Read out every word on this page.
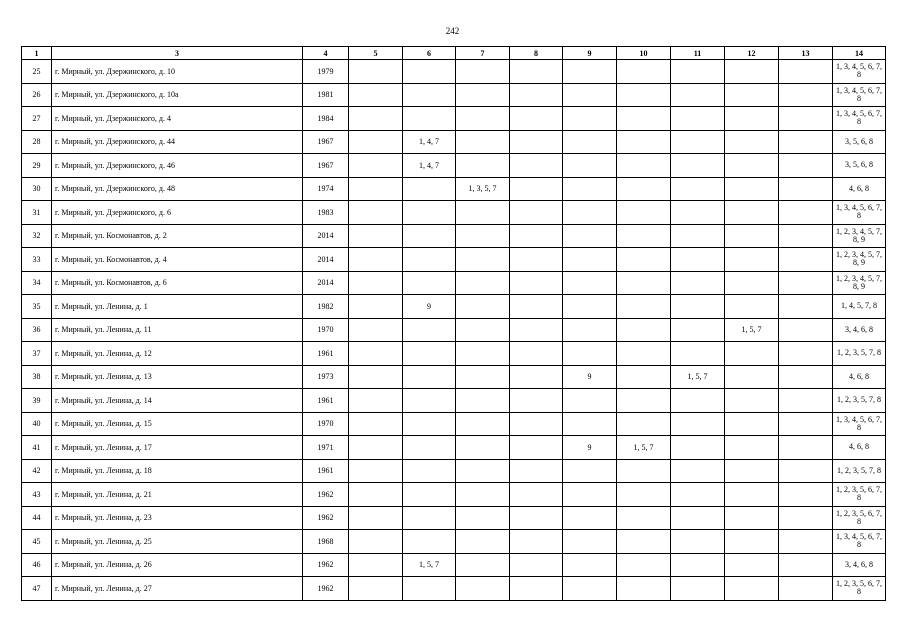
242
1	3	4	5	6	7	8	9	10	11	12	13	14
25	г. Мирный, ул. Дзержинского, д. 10	1979										1, 3, 4, 5, 6, 7, 8
26	г. Мирный, ул. Дзержинского, д. 10а	1981										1, 3, 4, 5, 6, 7, 8
27	г. Мирный, ул. Дзержинского, д. 4	1984										1, 3, 4, 5, 6, 7, 8
28	г. Мирный, ул. Дзержинского, д. 44	1967		1, 4, 7								3, 5, 6, 8
29	г. Мирный, ул. Дзержинского, д. 46	1967		1, 4, 7								3, 5, 6, 8
30	г. Мирный, ул. Дзержинского, д. 48	1974			1, 3, 5, 7							4, 6, 8
31	г. Мирный, ул. Дзержинского, д. 6	1983										1, 3, 4, 5, 6, 7, 8
32	г. Мирный, ул. Космонавтов, д. 2	2014										1, 2, 3, 4, 5, 7, 8, 9
33	г. Мирный, ул. Космонавтов, д. 4	2014										1, 2, 3, 4, 5, 7, 8, 9
34	г. Мирный, ул. Космонавтов, д. 6	2014										1, 2, 3, 4, 5, 7, 8, 9
35	г. Мирный, ул. Ленина, д. 1	1982		9								1, 4, 5, 7, 8
36	г. Мирный, ул. Ленина, д. 11	1970								1, 5, 7		3, 4, 6, 8
37	г. Мирный, ул. Ленина, д. 12	1961										1, 2, 3, 5, 7, 8
38	г. Мирный, ул. Ленина, д. 13	1973					9		1, 5, 7			4, 6, 8
39	г. Мирный, ул. Ленина, д. 14	1961										1, 2, 3, 5, 7, 8
40	г. Мирный, ул. Ленина, д. 15	1970										1, 3, 4, 5, 6, 7, 8
41	г. Мирный, ул. Ленина, д. 17	1971					9	1, 5, 7				4, 6, 8
42	г. Мирный, ул. Ленина, д. 18	1961										1, 2, 3, 5, 7, 8
43	г. Мирный, ул. Ленина, д. 21	1962										1, 2, 3, 5, 6, 7, 8
44	г. Мирный, ул. Ленина, д. 23	1962										1, 2, 3, 5, 6, 7, 8
45	г. Мирный, ул. Ленина, д. 25	1968										1, 3, 4, 5, 6, 7, 8
46	г. Мирный, ул. Ленина, д. 26	1962		1, 5, 7								3, 4, 6, 8
47	г. Мирный, ул. Ленина, д. 27	1962										1, 2, 3, 5, 6, 7, 8
